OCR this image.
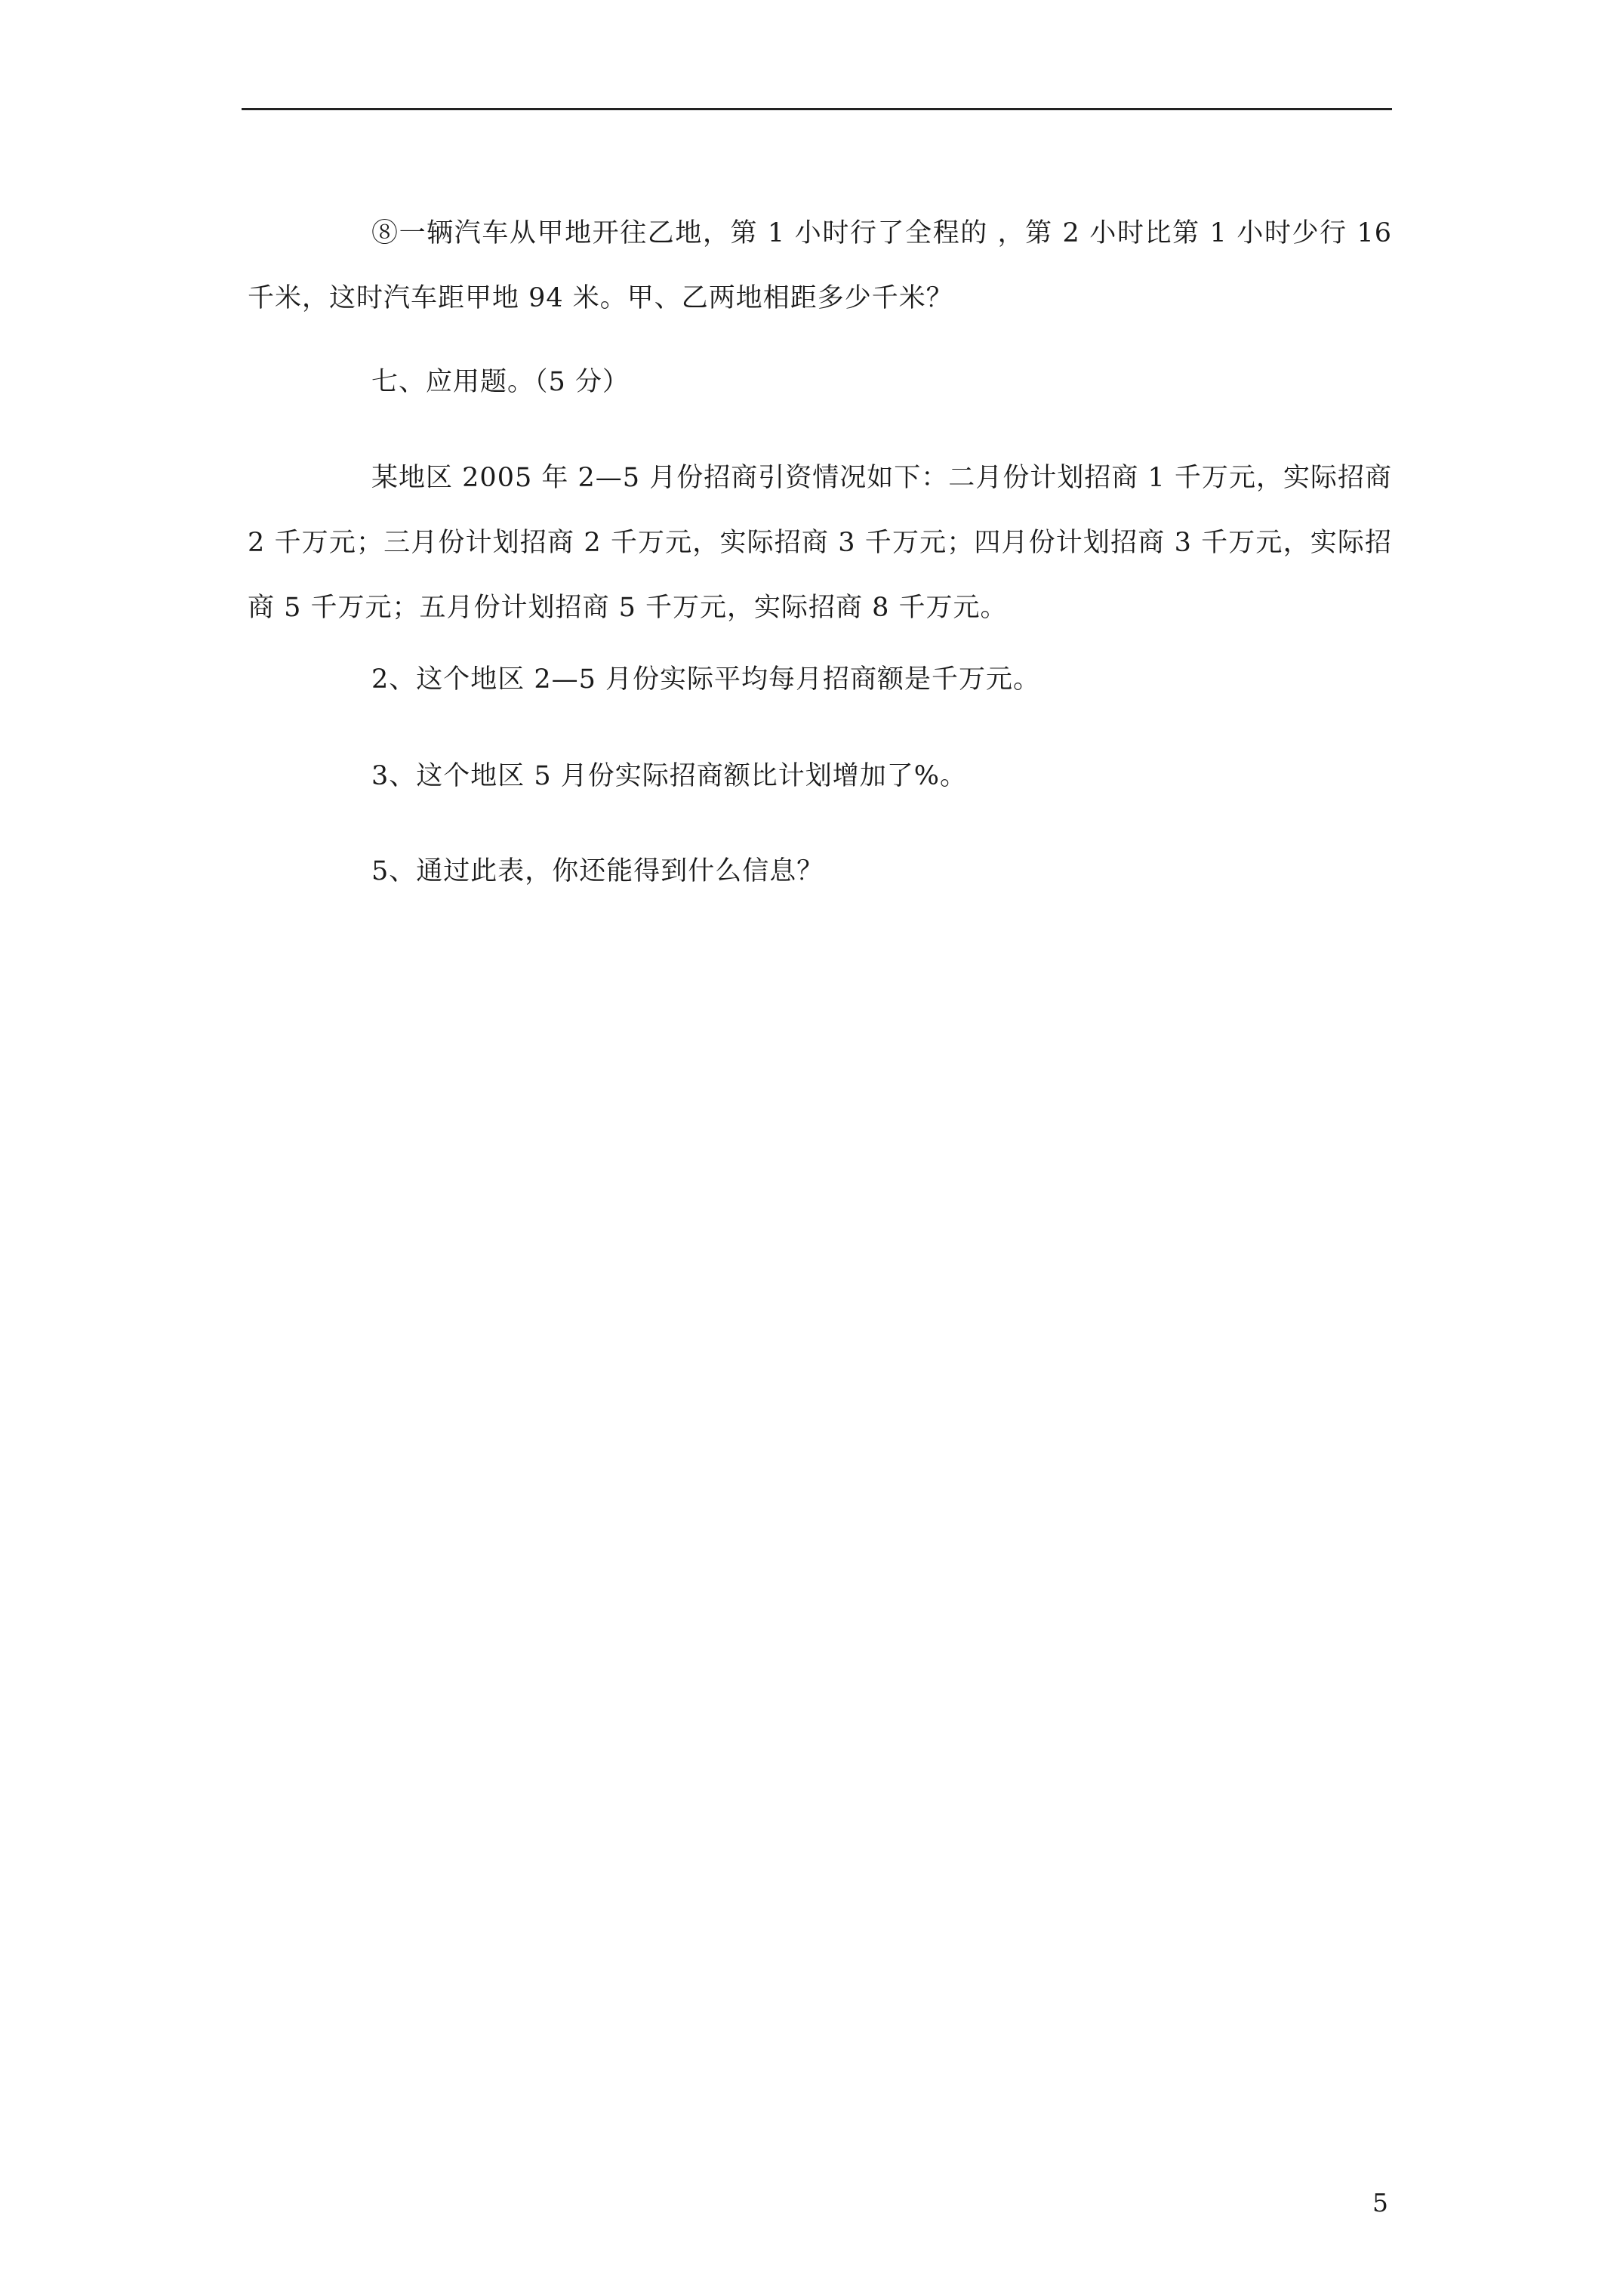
⑧一辆汽车从甲地开往乙地，第 1 小时行了全程的 ，第 2 小时比第 1 小时少行 16 千米，这时汽车距甲地 94 米。甲、乙两地相距多少千米？

七、应用题。（5 分）

某地区 2005 年 2—5 月份招商引资情况如下：二月份计划招商 1 千万元，实际招商 2 千万元；三月份计划招商 2 千万元，实际招商 3 千万元；四月份计划招商 3 千万元，实际招商 5 千万元；五月份计划招商 5 千万元，实际招商 8 千万元。

2、这个地区 2—5 月份实际平均每月招商额是千万元。

3、这个地区 5 月份实际招商额比计划增加了%。

5、通过此表，你还能得到什么信息？

5
